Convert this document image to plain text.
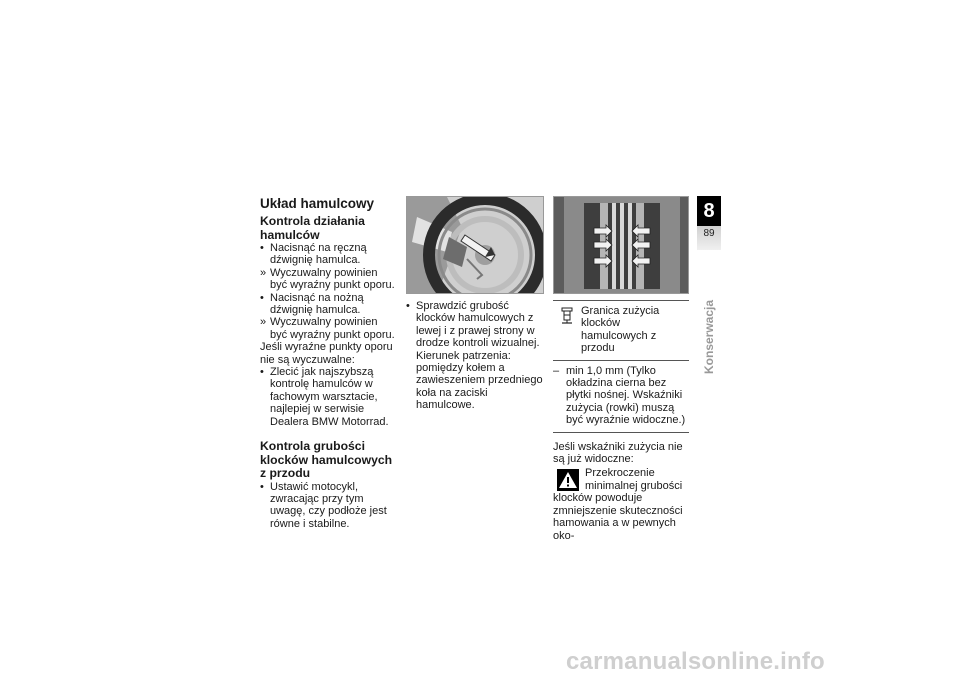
Układ hamulcowy
Kontrola działania
hamulców
• Nacisnąć na ręczną dźwignię hamulca.
» Wyczuwalny powinien być wyraźny punkt oporu.
• Nacisnąć na nożną dźwignię hamulca.
» Wyczuwalny powinien być wyraźny punkt oporu.
Jeśli wyraźne punkty oporu nie są wyczuwalne:
• Zlecić jak najszybszą kontrolę hamulców w fachowym warsztacie, najlepiej w serwisie Dealera BMW Motorrad.
Kontrola grubości
klocków hamulcowych
z przodu
• Ustawić motocykl, zwracając przy tym uwagę, czy podłoże jest równe i stabilne.
• Sprawdzić grubość klocków hamulcowych z lewej i z prawej strony w drodze kontroli wizualnej. Kierunek patrzenia: pomiędzy kołem a zawieszeniem przedniego koła na zaciski hamulcowe.
Granica zużycia klocków hamulcowych z przodu
– min 1,0 mm (Tylko okładzina cierna bez płytki nośnej. Wskaźniki zużycia (rowki) muszą być wyraźnie widoczne.)
Jeśli wskaźniki zużycia nie są już widoczne:
Przekroczenie minimalnej grubości klocków powoduje zmniejszenie skuteczności hamowania a w pewnych oko-
8
89
Konserwacja
carmanualsonline.info
